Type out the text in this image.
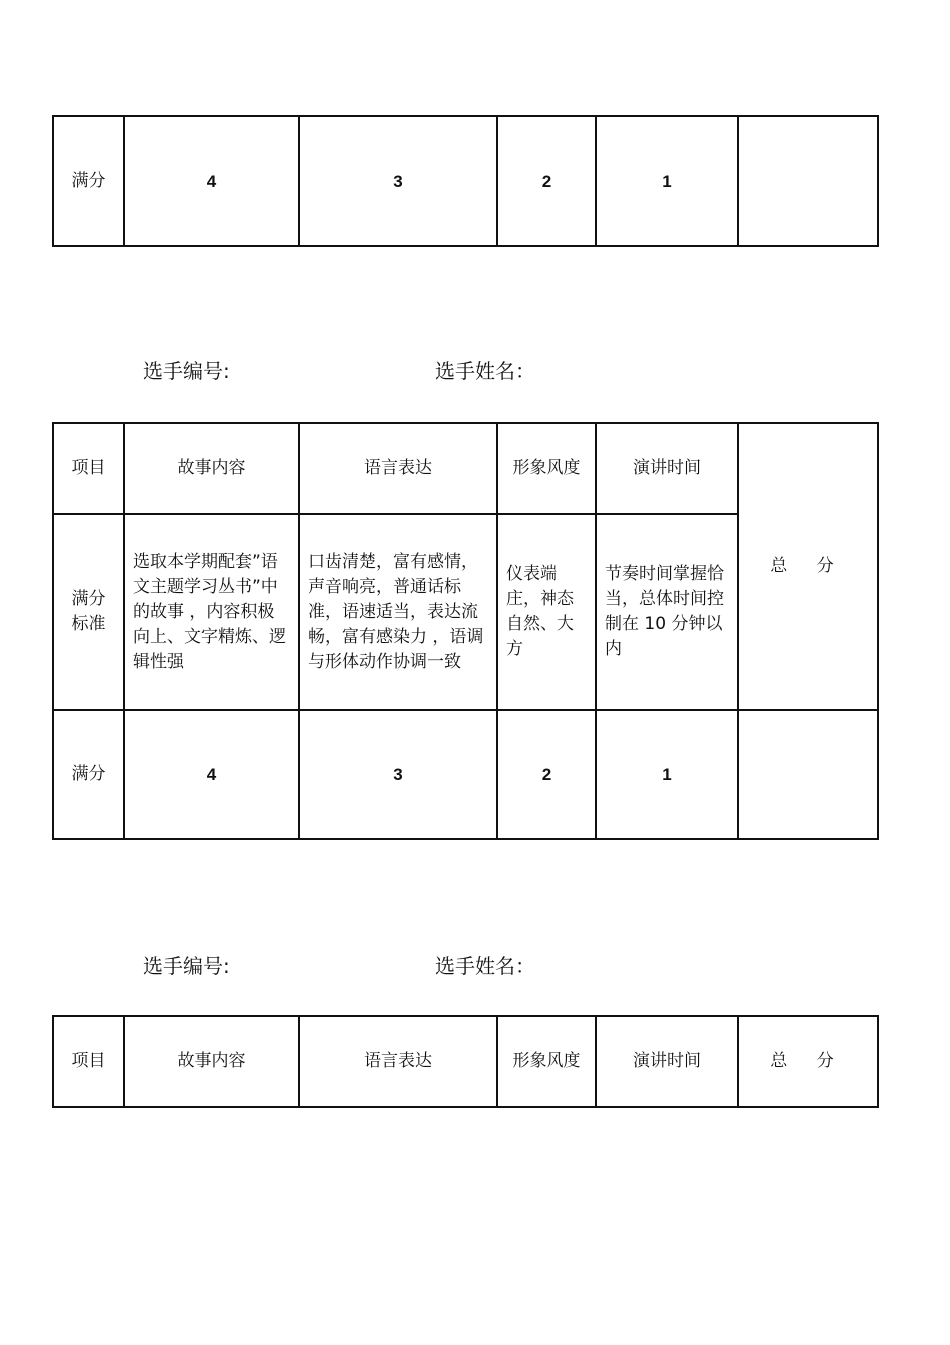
满分	4	3	2	1	
选手编号:	选手姓名：
项目	故事内容	语言表达	形象风度	演讲时间	总 分
满分标准	选取本学期配套”语文主题学习丛书”中的故事 ，内容积极向上、文字精炼、逻辑性强	口齿清楚，富有感情，声音响亮，普通话标准，语速适当，表达流畅，富有感染力 ，语调与形体动作协调一致	仪表端庄，神态自然、大方	节奏时间掌握恰当，总体时间控制在 10 分钟以内	
满分	4	3	2	1	
选手编号:	选手姓名：
项目	故事内容	语言表达	形象风度	演讲时间	总 分
